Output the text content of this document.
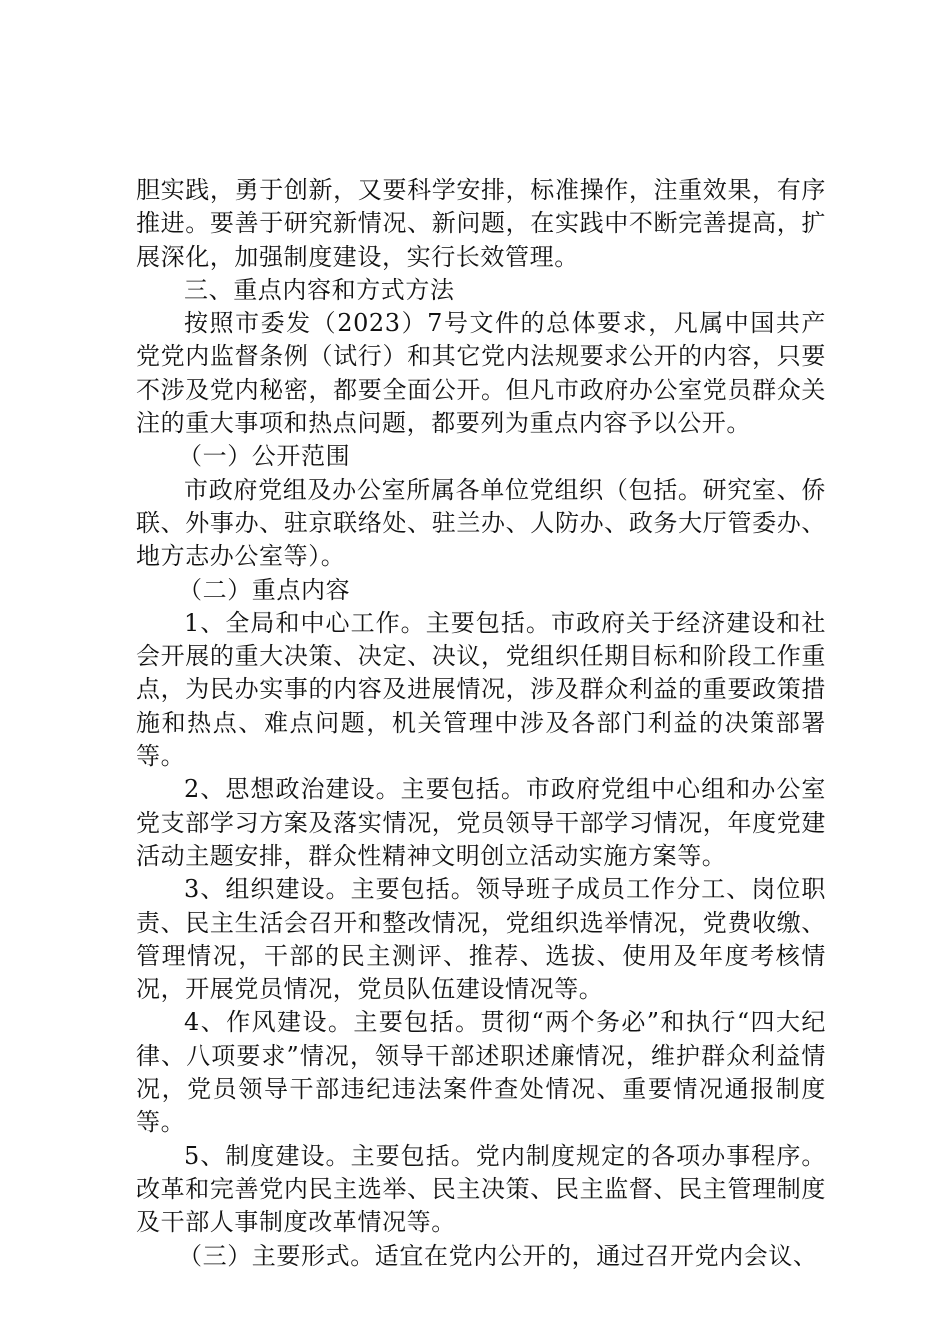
胆实践，勇于创新，又要科学安排，标准操作，注重效果，有序推进。要善于研究新情况、新问题，在实践中不断完善提高，扩展深化，加强制度建设，实行长效管理。

三、重点内容和方式方法

按照市委发（2023）7号文件的总体要求，凡属中国共产党党内监督条例（试行）和其它党内法规要求公开的内容，只要不涉及党内秘密，都要全面公开。但凡市政府办公室党员群众关注的重大事项和热点问题，都要列为重点内容予以公开。

（一）公开范围

市政府党组及办公室所属各单位党组织（包括。研究室、侨联、外事办、驻京联络处、驻兰办、人防办、政务大厅管委办、地方志办公室等）。

（二）重点内容

1、全局和中心工作。主要包括。市政府关于经济建设和社会开展的重大决策、决定、决议，党组织任期目标和阶段工作重点，为民办实事的内容及进展情况，涉及群众利益的重要政策措施和热点、难点问题，机关管理中涉及各部门利益的决策部署等。

2、思想政治建设。主要包括。市政府党组中心组和办公室党支部学习方案及落实情况，党员领导干部学习情况，年度党建活动主题安排，群众性精神文明创立活动实施方案等。

3、组织建设。主要包括。领导班子成员工作分工、岗位职责、民主生活会召开和整改情况，党组织选举情况，党费收缴、管理情况，干部的民主测评、推荐、选拔、使用及年度考核情况，开展党员情况，党员队伍建设情况等。

4、作风建设。主要包括。贯彻“两个务必”和执行“四大纪律、八项要求”情况，领导干部述职述廉情况，维护群众利益情况，党员领导干部违纪违法案件查处情况、重要情况通报制度等。

5、制度建设。主要包括。党内制度规定的各项办事程序。改革和完善党内民主选举、民主决策、民主监督、民主管理制度及干部人事制度改革情况等。

（三）主要形式。适宜在党内公开的，通过召开党内会议、
